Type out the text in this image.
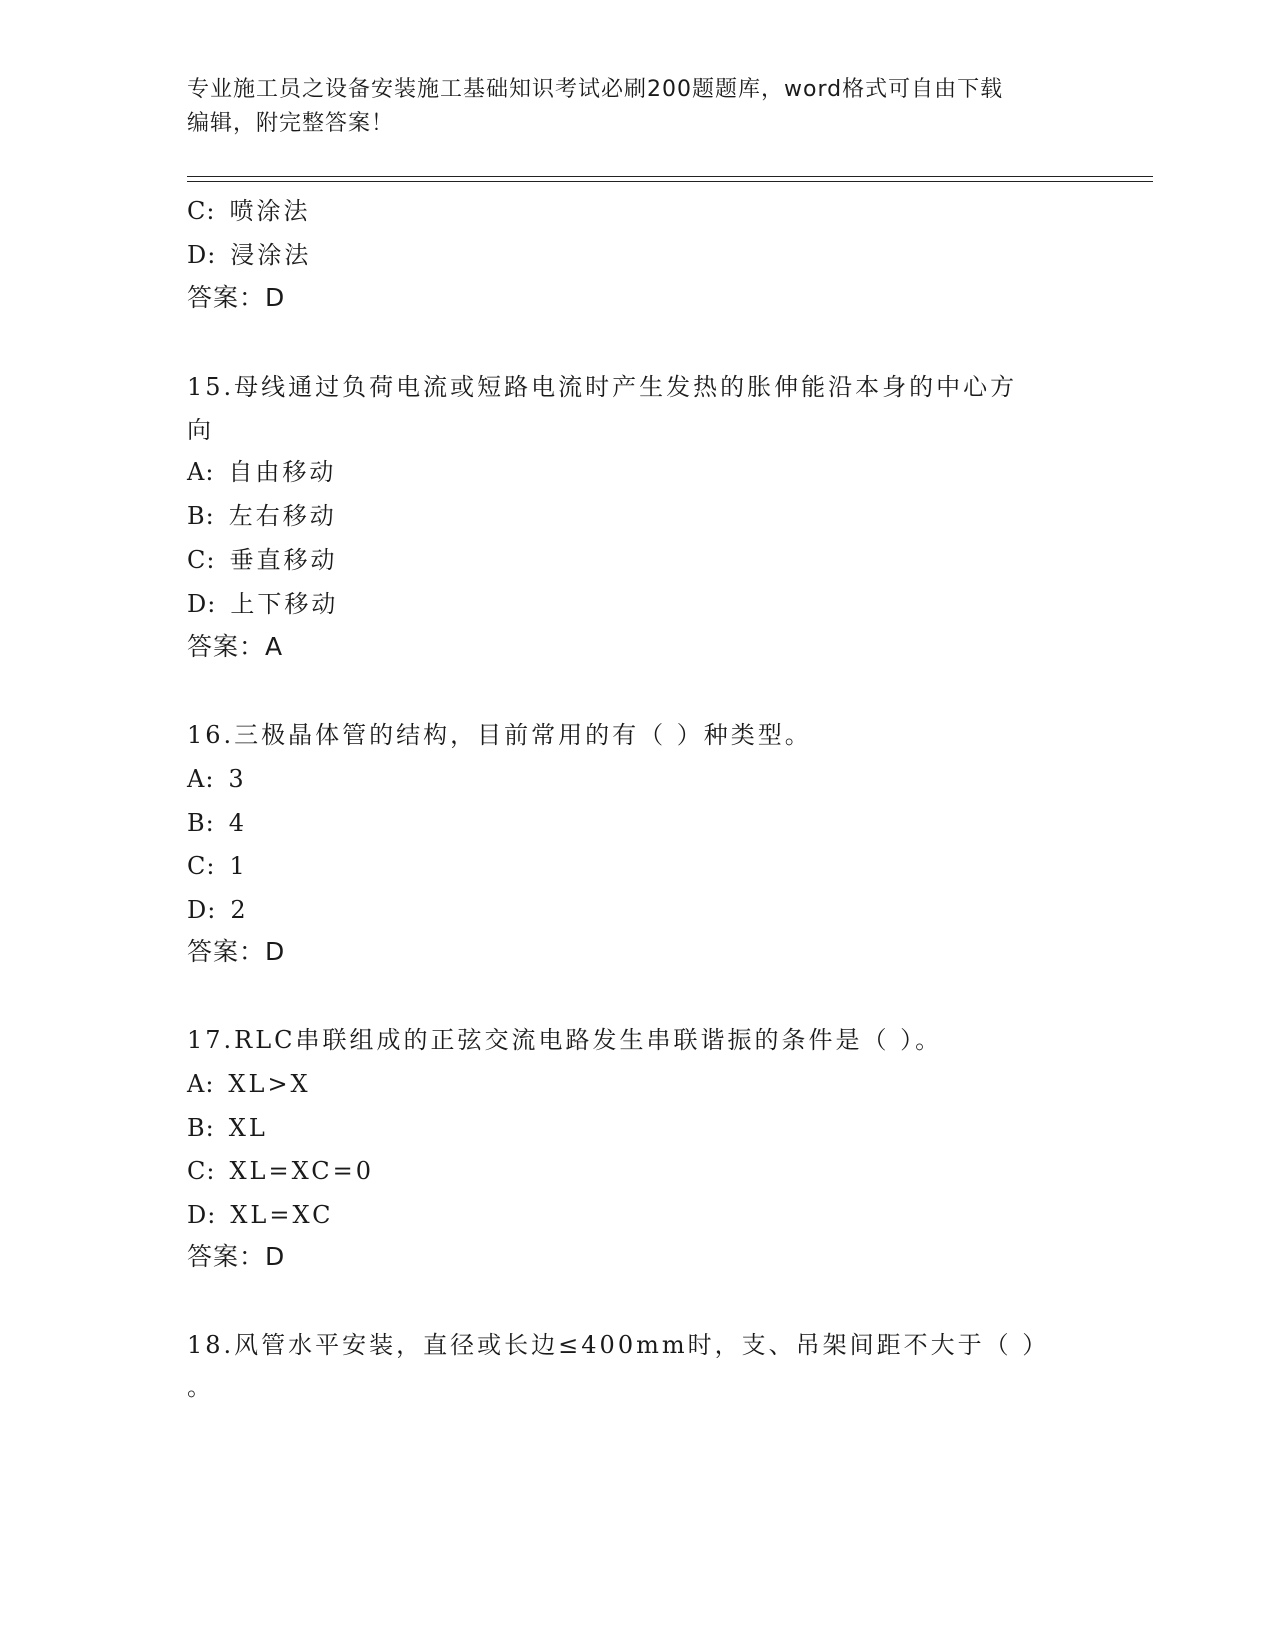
专业施工员之设备安装施工基础知识考试必刷200题题库，word格式可自由下载
编辑，附完整答案！
C: 喷涂法
D: 浸涂法
答案：D
15.母线通过负荷电流或短路电流时产生发热的胀伸能沿本身的中心方
向
A: 自由移动
B: 左右移动
C: 垂直移动
D: 上下移动
答案：A
16.三极晶体管的结构，目前常用的有（ ）种类型。
A: 3
B: 4
C: 1
D: 2
答案：D
17.RLC串联组成的正弦交流电路发生串联谐振的条件是（ ）。
A: XL>X
B: XL
C: XL=XC=0
D: XL=XC
答案：D
18.风管水平安装，直径或长边≤400mm时，支、吊架间距不大于（ ）
。
